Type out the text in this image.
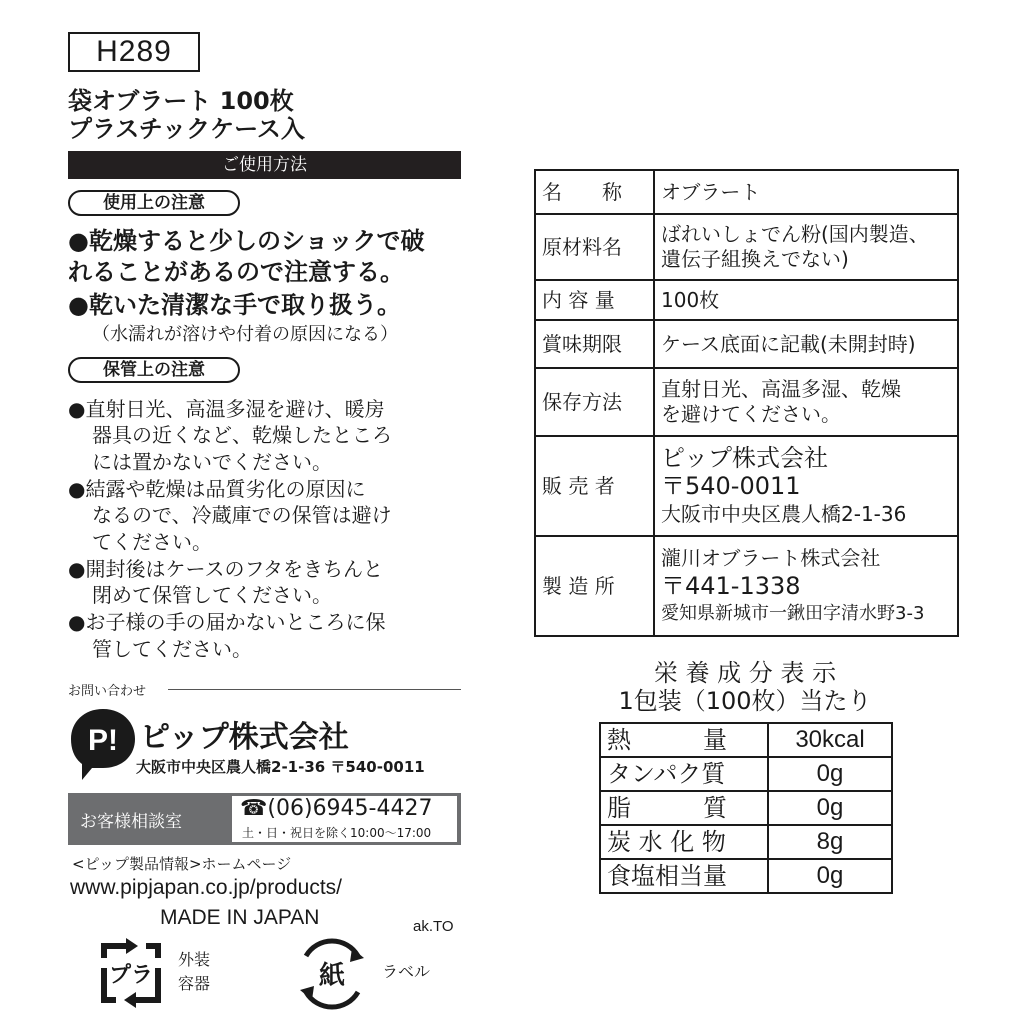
H289
袋オブラート 100枚
プラスチックケース入
ご使用方法
使用上の注意
●乾燥すると少しのショックで破
れることがあるので注意する。
●乾いた清潔な手で取り扱う。
（水濡れが溶けや付着の原因になる）
保管上の注意
●直射日光、高温多湿を避け、暖房
器具の近くなど、乾燥したところ
には置かないでください。
●結露や乾燥は品質劣化の原因に
なるので、冷蔵庫での保管は避け
てください。
●開封後はケースのフタをきちんと
閉めて保管してください。
●お子様の手の届かないところに保
管してください。
お問い合わせ
P! ピップ株式会社
大阪市中央区農人橋2-1-36 〒540-0011
お客様相談室
☎(06)6945-4427
土・日・祝日を除く10:00〜17:00
<ピップ製品情報>ホームページ
www.pipjapan.co.jp/products/
MADE IN JAPAN	ak.TO
プラ
外装
容器	紙 ラベル
名　　称	オブラート

原材料名	ばれいしょでん粉(国内製造、
遺伝子組換えでない)

内 容 量	100枚

賞味期限	ケース底面に記載(未開封時)

保存方法	直射日光、高温多湿、乾燥
を避けてください。

販 売 者	ピップ株式会社
〒540-0011
大阪市中央区農人橋2-1-36

製 造 所	瀧川オブラート株式会社
〒441-1338
愛知県新城市一鍬田字清水野3-3
栄 養 成 分 表 示
1包装（100枚）当たり
熱　　　量	30kcal
タンパク質	0g
脂　　　質	0g
炭 水 化 物	8g
食塩相当量	0g
